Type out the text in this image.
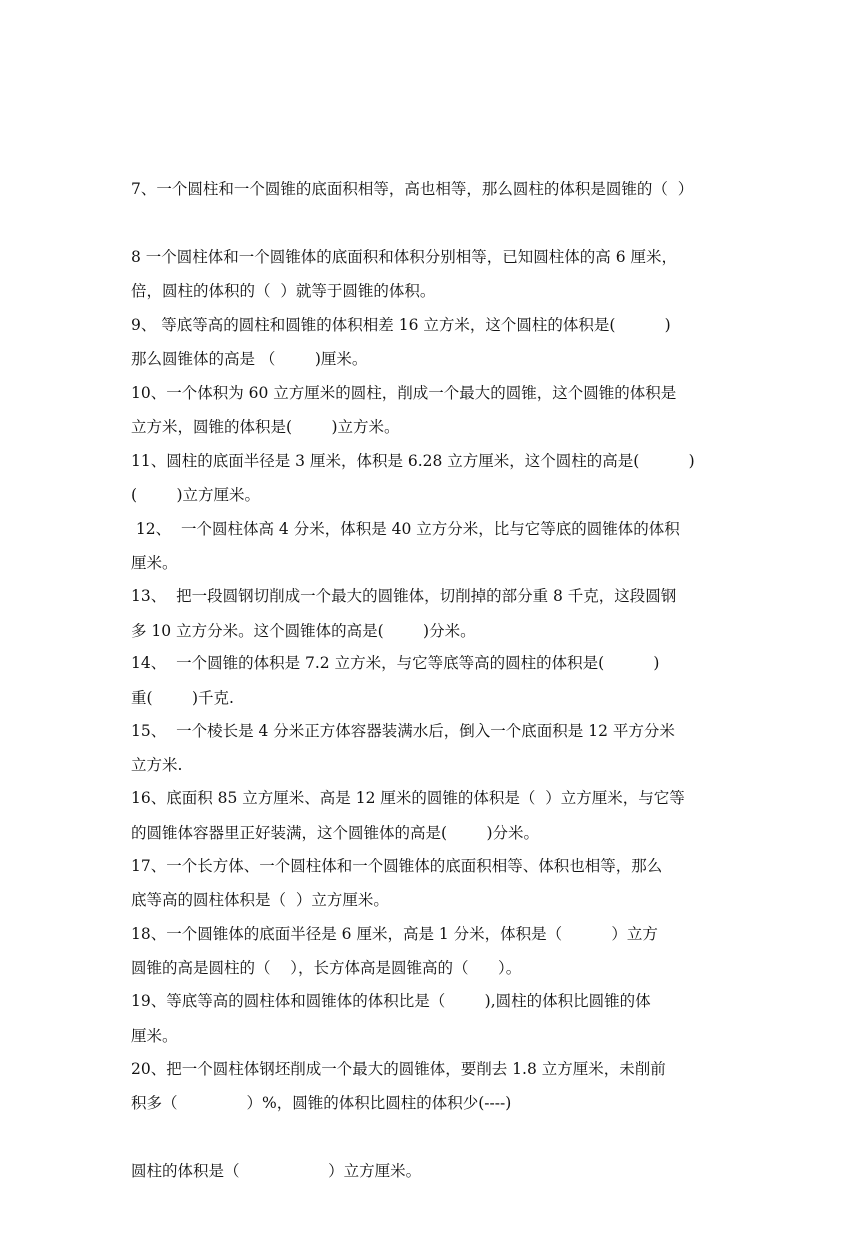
7、一个圆柱和一个圆锥的底面积相等，高也相等，那么圆柱的体积是圆锥的（  ）

倍，圆柱的体积的（  ）就等于圆锥的体积。

8 一个圆柱体和一个圆锥体的底面积和体积分别相等，已知圆柱体的高 6 厘米，

那么圆锥体的高是 （        )厘米。

9、 等底等高的圆柱和圆锥的体积相差 16 立方米，这个圆柱的体积是(          )

立方米，圆锥的体积是(        )立方米。

10、一个体积为 60 立方厘米的圆柱，削成一个最大的圆锥，这个圆锥的体积是

(        )立方厘米。

11、圆柱的底面半径是 3 厘米，体积是 6.28 立方厘米，这个圆柱的高是(          )

厘米。

12、  一个圆柱体高 4 分米，体积是 40 立方分米，比与它等底的圆锥体的体积

多 10 立方分米。这个圆锥体的高是(        )分米。

13、  把一段圆钢切削成一个最大的圆锥体，切削掉的部分重 8 千克，这段圆钢

重(        )千克.

14、  一个圆锥的体积是 7.2 立方米，与它等底等高的圆柱的体积是(          )

立方米.

15、  一个棱长是 4 分米正方体容器装满水后，倒入一个底面积是 12 平方分米

的圆锥体容器里正好装满，这个圆锥体的高是(        )分米。

16、底面积 85 立方厘米、高是 12 厘米的圆锥的体积是（  ）立方厘米，与它等

底等高的圆柱体积是（  ）立方厘米。

17、一个长方体、一个圆柱体和一个圆锥体的底面积相等、体积也相等，那么

圆锥的高是圆柱的（    ），长方体高是圆锥高的（      ）。

18、一个圆锥体的底面半径是 6 厘米，高是 1 分米，体积是（          ）立方

厘米。

19、等底等高的圆柱体和圆锥体的体积比是（        ),圆柱的体积比圆锥的体

积多（              ）%，圆锥的体积比圆柱的体积少(----)

20、把一个圆柱体钢坯削成一个最大的圆锥体，要削去 1.8 立方厘米，未削前

圆柱的体积是（                  ）立方厘米。
